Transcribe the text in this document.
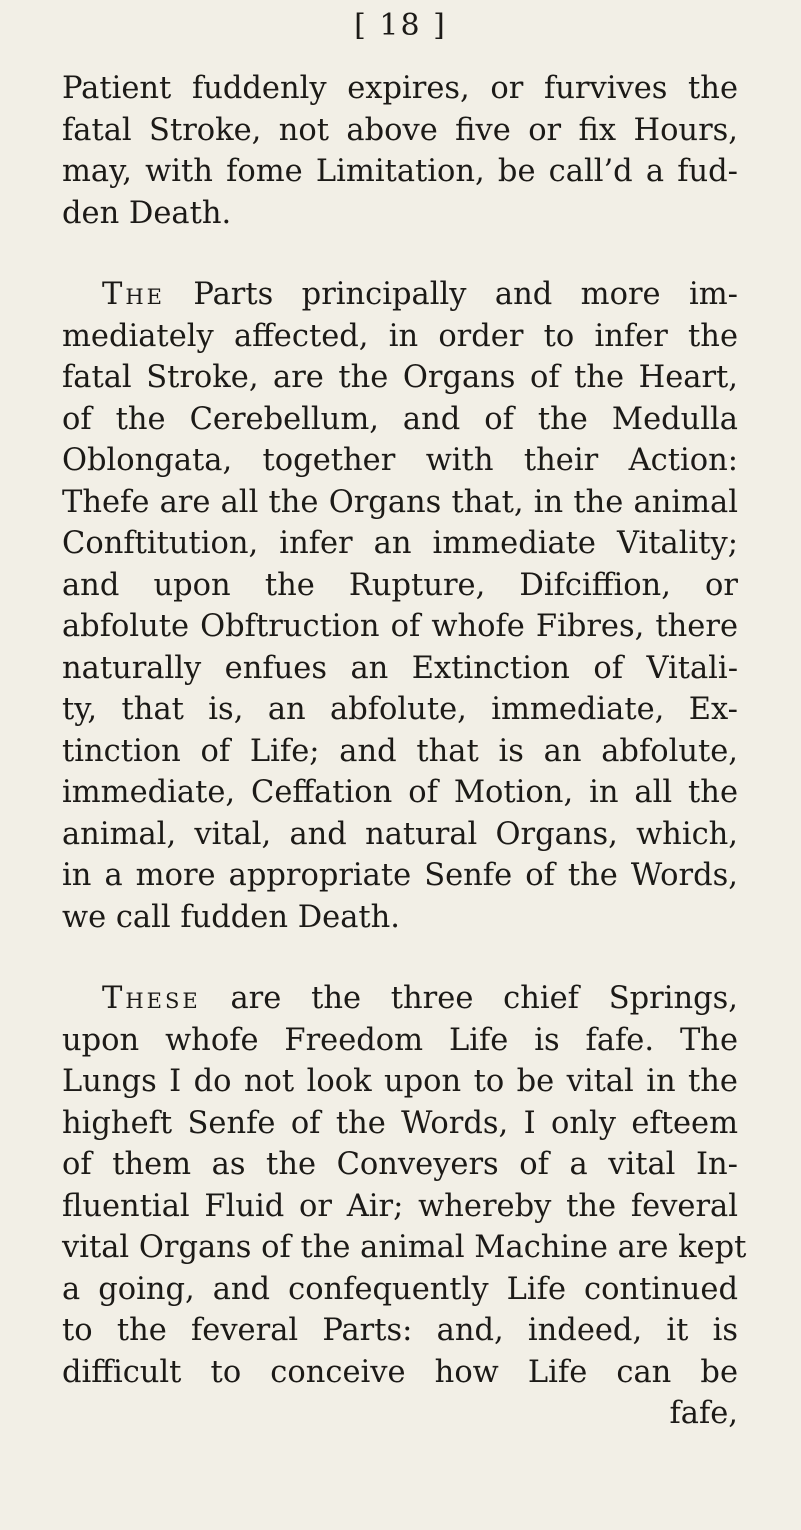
[ 18 ]
Patient fuddenly expires, or furvives the
fatal Stroke, not above five or fix Hours,
may, with fome Limitation, be call’d a fud-
den Death.
The Parts principally and more im-
mediately affected, in order to infer the
fatal Stroke, are the Organs of the Heart,
of the Cerebellum, and of the Medulla
Oblongata, together with their Action:
Thefe are all the Organs that, in the animal
Conftitution, infer an immediate Vitality;
and upon the Rupture, Difciffion, or
abfolute Obftruction of whofe Fibres, there
naturally enfues an Extinction of Vitali-
ty, that is, an abfolute, immediate, Ex-
tinction of Life; and that is an abfolute,
immediate, Ceffation of Motion, in all the
animal, vital, and natural Organs, which,
in a more appropriate Senfe of the Words,
we call fudden Death.
These are the three chief Springs,
upon whofe Freedom Life is fafe. The
Lungs I do not look upon to be vital in the
higheft Senfe of the Words, I only efteem
of them as the Conveyers of a vital In-
fluential Fluid or Air; whereby the feveral
vital Organs of the animal Machine are kept
a going, and confequently Life continued
to the feveral Parts: and, indeed, it is
difficult to conceive how Life can be
fafe,
